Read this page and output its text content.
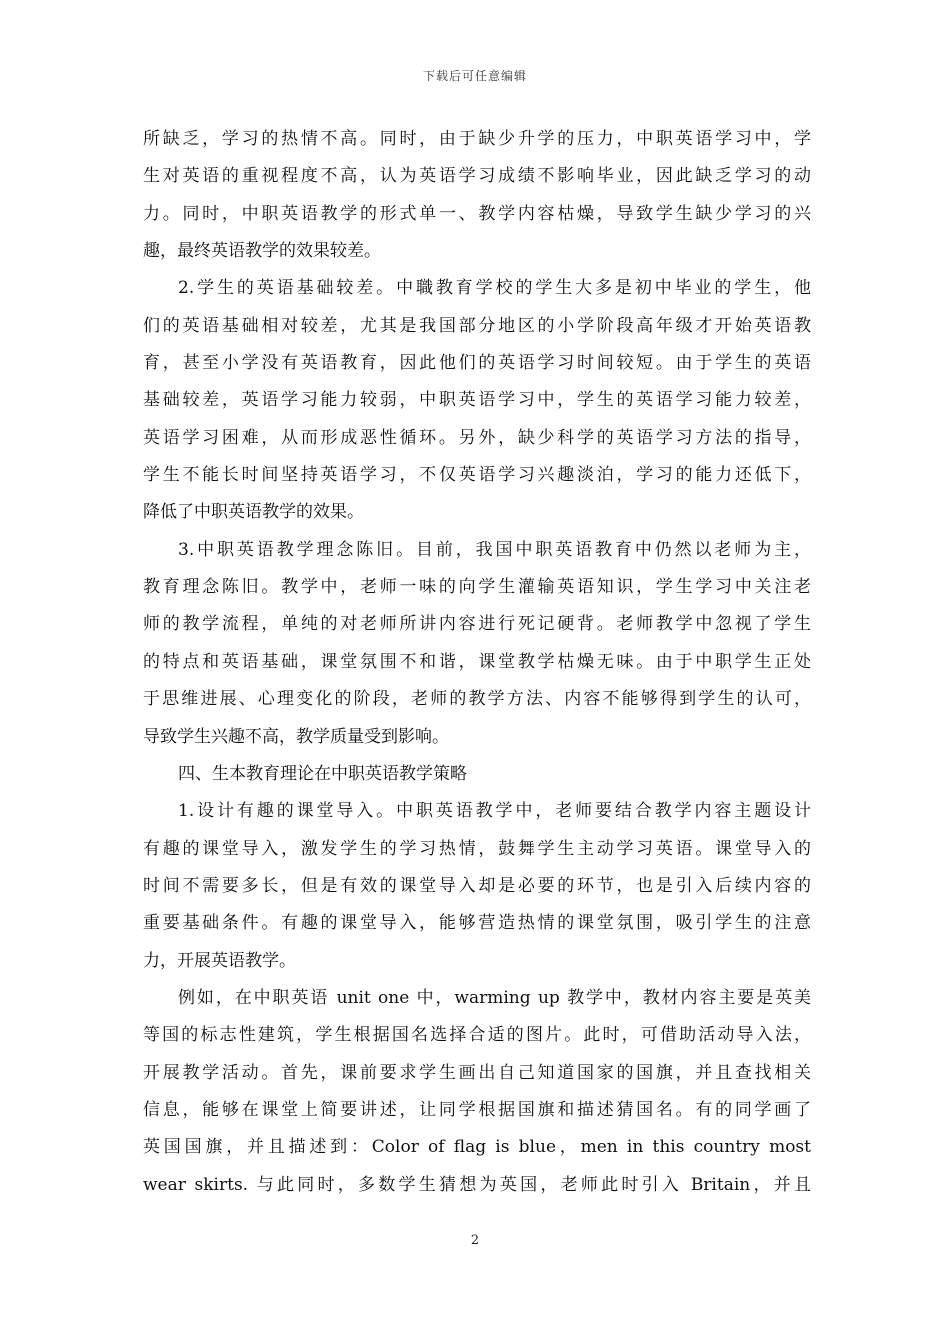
下载后可任意编辑
所缺乏，学习的热情不高。同时，由于缺少升学的压力，中职英语学习中，学
生对英语的重视程度不高，认为英语学习成绩不影响毕业，因此缺乏学习的动
力。同时，中职英语教学的形式单一、教学内容枯燥，导致学生缺少学习的兴
趣，最终英语教学的效果较差。
2.学生的英语基础较差。中職教育学校的学生大多是初中毕业的学生，他
们的英语基础相对较差，尤其是我国部分地区的小学阶段高年级才开始英语教
育，甚至小学没有英语教育，因此他们的英语学习时间较短。由于学生的英语
基础较差，英语学习能力较弱，中职英语学习中，学生的英语学习能力较差，
英语学习困难，从而形成恶性循环。另外，缺少科学的英语学习方法的指导，
学生不能长时间坚持英语学习，不仅英语学习兴趣淡泊，学习的能力还低下，
降低了中职英语教学的效果。
3.中职英语教学理念陈旧。目前，我国中职英语教育中仍然以老师为主，
教育理念陈旧。教学中，老师一味的向学生灌输英语知识，学生学习中关注老
师的教学流程，单纯的对老师所讲内容进行死记硬背。老师教学中忽视了学生
的特点和英语基础，课堂氛围不和谐，课堂教学枯燥无味。由于中职学生正处
于思维进展、心理变化的阶段，老师的教学方法、内容不能够得到学生的认可，
导致学生兴趣不高，教学质量受到影响。
四、生本教育理论在中职英语教学策略
1.设计有趣的课堂导入。中职英语教学中，老师要结合教学内容主题设计
有趣的课堂导入，激发学生的学习热情，鼓舞学生主动学习英语。课堂导入的
时间不需要多长，但是有效的课堂导入却是必要的环节，也是引入后续内容的
重要基础条件。有趣的课堂导入，能够营造热情的课堂氛围，吸引学生的注意
力，开展英语教学。
例如，在中职英语 unit one 中，warming up 教学中，教材内容主要是英美
等国的标志性建筑，学生根据国名选择合适的图片。此时，可借助活动导入法，
开展教学活动。首先，课前要求学生画出自己知道国家的国旗，并且查找相关
信息，能够在课堂上简要讲述，让同学根据国旗和描述猜国名。有的同学画了
英国国旗，并且描述到：Color of flag is blue，men in this country most
wear skirts. 与此同时，多数学生猜想为英国，老师此时引入 Britain，并且
2
